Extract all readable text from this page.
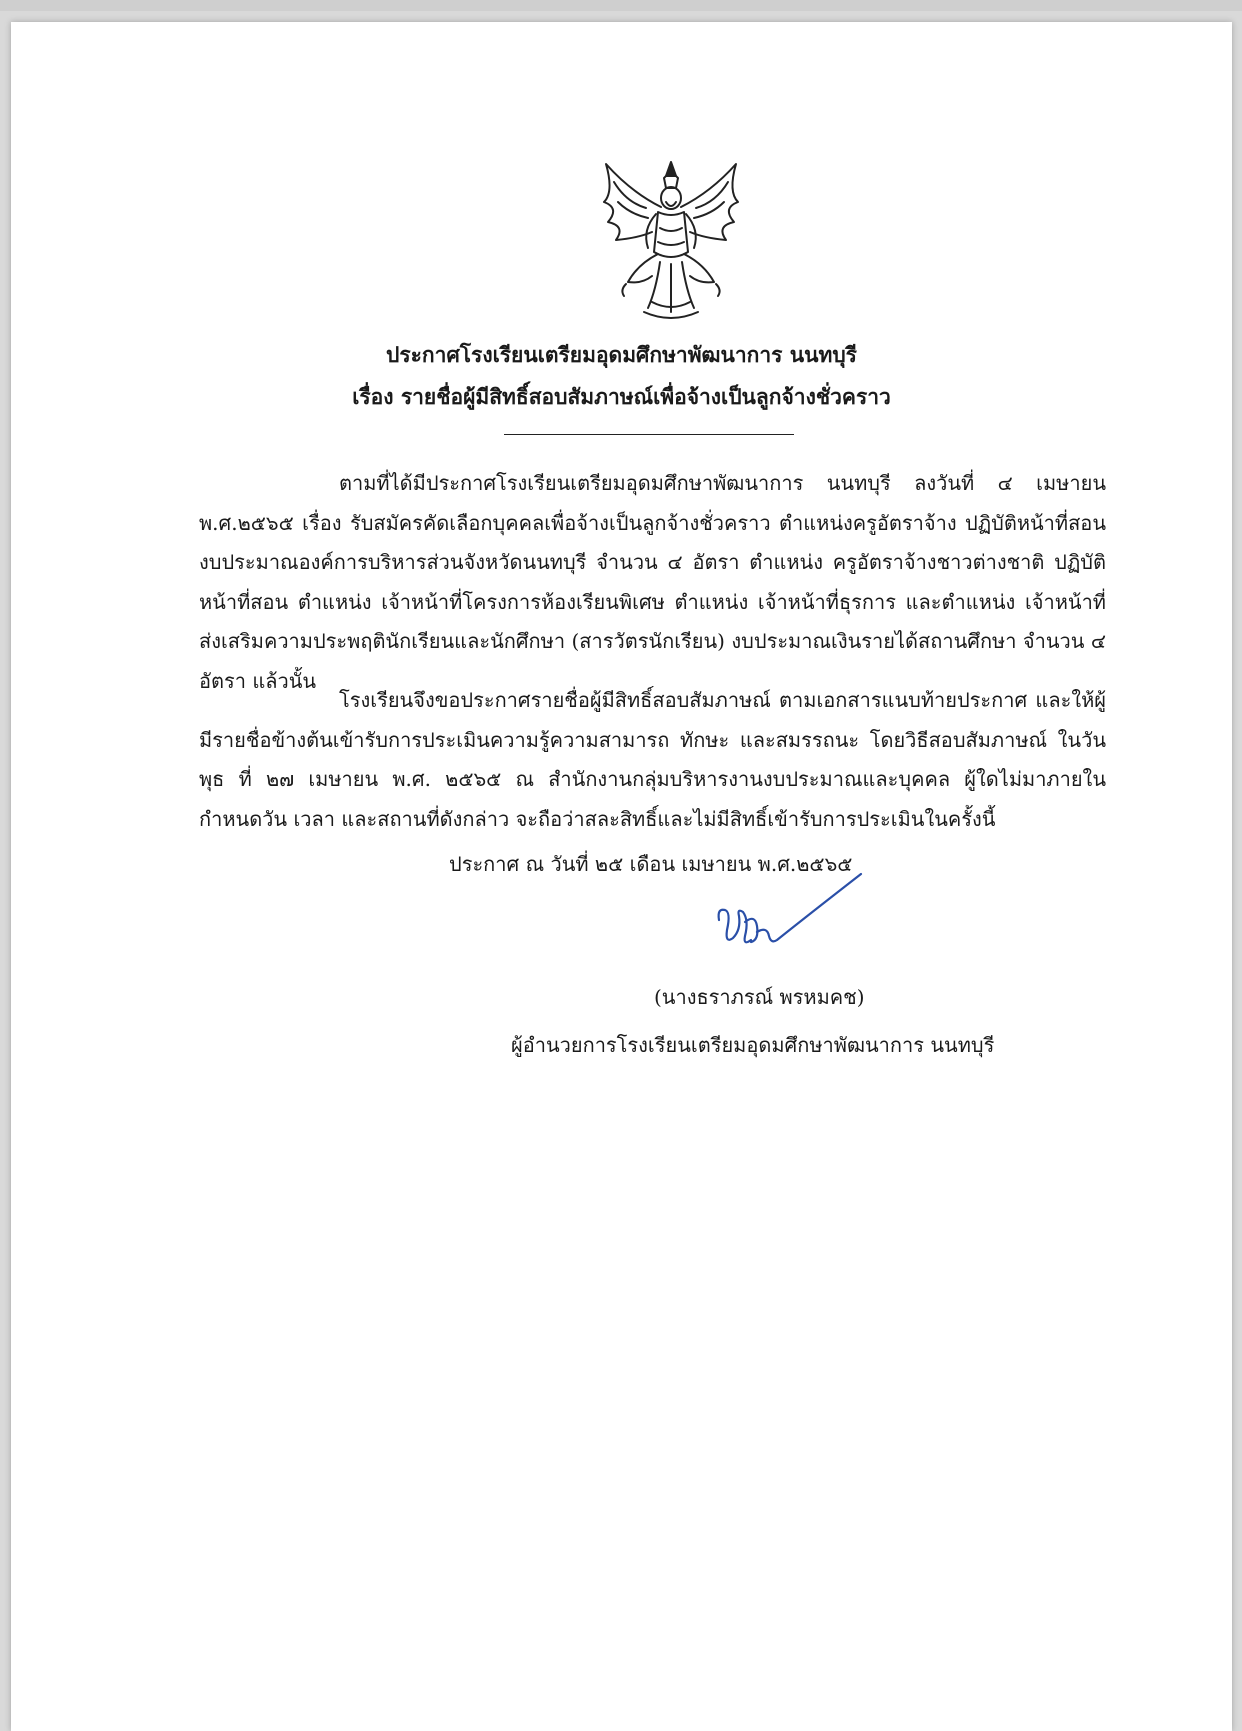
ประกาศโรงเรียนเตรียมอุดมศึกษาพัฒนาการ นนทบุรี
เรื่อง รายชื่อผู้มีสิทธิ์สอบสัมภาษณ์เพื่อจ้างเป็นลูกจ้างชั่วคราว
ตามที่ได้มีประกาศโรงเรียนเตรียมอุดมศึกษาพัฒนาการ นนทบุรี ลงวันที่ ๔ เมษายน พ.ศ.๒๕๖๕ เรื่อง รับสมัครคัดเลือกบุคคลเพื่อจ้างเป็นลูกจ้างชั่วคราว ตำแหน่งครูอัตราจ้าง ปฏิบัติหน้าที่สอน งบประมาณองค์การบริหารส่วนจังหวัดนนทบุรี จำนวน ๔ อัตรา ตำแหน่ง ครูอัตราจ้างชาวต่างชาติ ปฏิบัติหน้าที่สอน ตำแหน่ง เจ้าหน้าที่โครงการห้องเรียนพิเศษ ตำแหน่ง เจ้าหน้าที่ธุรการ และตำแหน่ง เจ้าหน้าที่ส่งเสริมความประพฤตินักเรียนและนักศึกษา (สารวัตรนักเรียน) งบประมาณเงินรายได้สถานศึกษา จำนวน ๔ อัตรา แล้วนั้น
โรงเรียนจึงขอประกาศรายชื่อผู้มีสิทธิ์สอบสัมภาษณ์ ตามเอกสารแนบท้ายประกาศ และให้ผู้มีรายชื่อข้างต้นเข้ารับการประเมินความรู้ความสามารถ ทักษะ และสมรรถนะ โดยวิธีสอบสัมภาษณ์ ในวันพุธ ที่ ๒๗ เมษายน พ.ศ. ๒๕๖๕ ณ สำนักงานกลุ่มบริหารงานงบประมาณและบุคคล ผู้ใดไม่มาภายในกำหนดวัน เวลา และสถานที่ดังกล่าว จะถือว่าสละสิทธิ์และไม่มีสิทธิ์เข้ารับการประเมินในครั้งนี้
ประกาศ ณ วันที่ ๒๕ เดือน เมษายน พ.ศ.๒๕๖๕
(นางธราภรณ์ พรหมคช)
ผู้อำนวยการโรงเรียนเตรียมอุดมศึกษาพัฒนาการ นนทบุรี
